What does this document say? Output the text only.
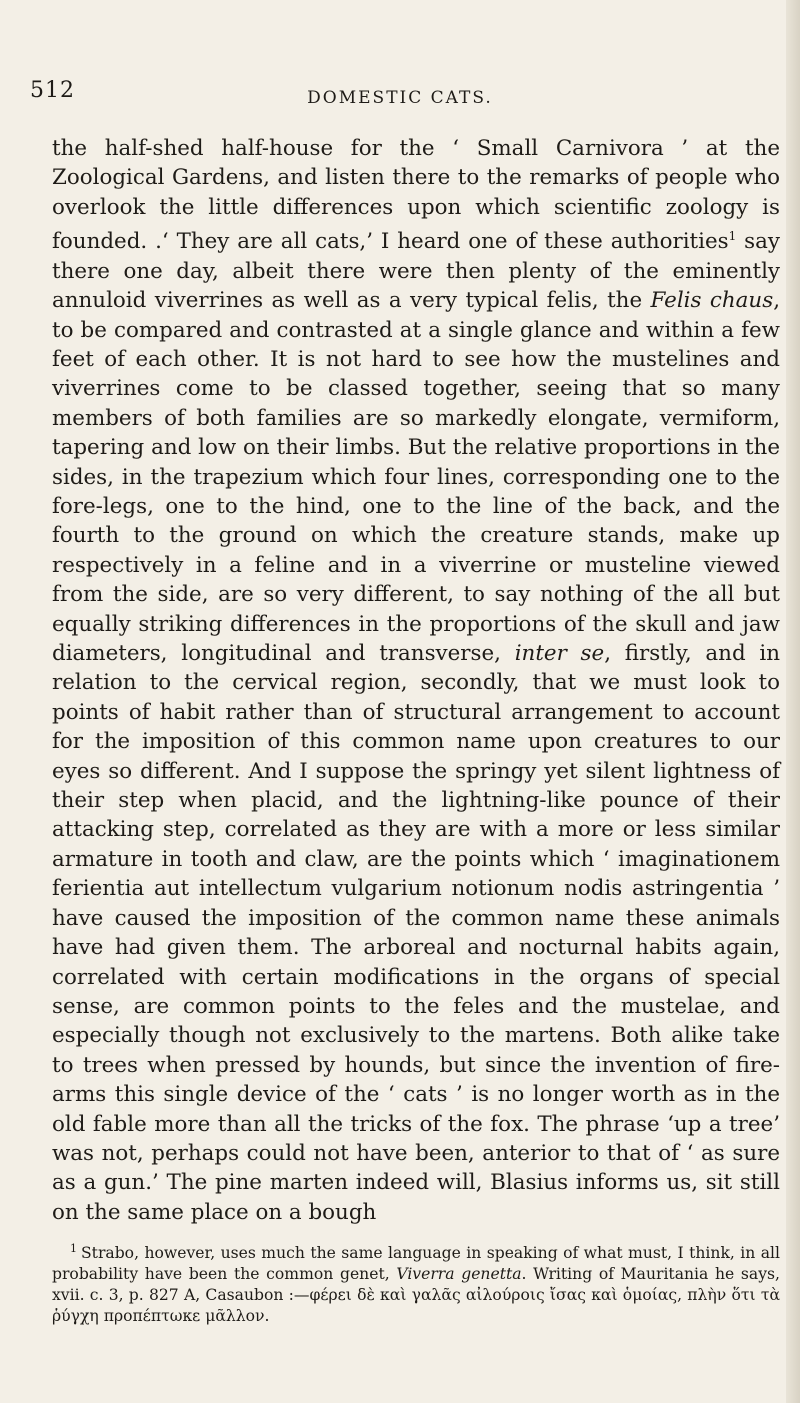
512	DOMESTIC CATS.

the half-shed half-house for the ‘ Small Carnivora ’ at the Zoological Gardens, and listen there to the remarks of people who overlook the little differences upon which scientific zoology is founded. .‘ They are all cats,’ I heard one of these authorities$^1$ say there one day, albeit there were then plenty of the eminently annuloid viverrines as well as a very typical felis, the Felis chaus, to be compared and contrasted at a single glance and within a few feet of each other. It is not hard to see how the mustelines and viverrines come to be classed together, seeing that so many members of both families are so markedly elongate, vermiform, tapering and low on their limbs. But the relative proportions in the sides, in the trapezium which four lines, corresponding one to the fore-legs, one to the hind, one to the line of the back, and the fourth to the ground on which the creature stands, make up respectively in a feline and in a viverrine or musteline viewed from the side, are so very different, to say nothing of the all but equally striking differences in the proportions of the skull and jaw diameters, longitudinal and transverse, inter se, firstly, and in relation to the cervical region, secondly, that we must look to points of habit rather than of structural arrangement to account for the imposition of this common name upon creatures to our eyes so different. And I suppose the springy yet silent lightness of their step when placid, and the lightning-like pounce of their attacking step, correlated as they are with a more or less similar armature in tooth and claw, are the points which ‘ imaginationem ferientia aut intellectum vulgarium notionum nodis astringentia ’ have caused the imposition of the common name these animals have had given them. The arboreal and nocturnal habits again, correlated with certain modifications in the organs of special sense, are common points to the feles and the mustelae, and especially though not exclusively to the martens. Both alike take to trees when pressed by hounds, but since the invention of fire-arms this single device of the ‘ cats ’ is no longer worth as in the old fable more than all the tricks of the fox. The phrase ‘up a tree’ was not, perhaps could not have been, anterior to that of ‘ as sure as a gun.’ The pine marten indeed will, Blasius informs us, sit still on the same place on a bough

$^1$ Strabo, however, uses much the same language in speaking of what must, I think, in all probability have been the common genet, Viverra genetta. Writing of Mauritania he says, xvii. c. 3, p. 827 A, Casaubon :—φέρει δὲ καὶ γαλᾶς αἰλούροις ἴσας καὶ ὁμοίας, πλὴν ὅτι τὰ ῥύγχη προπέπτωκε μᾶλλον.
